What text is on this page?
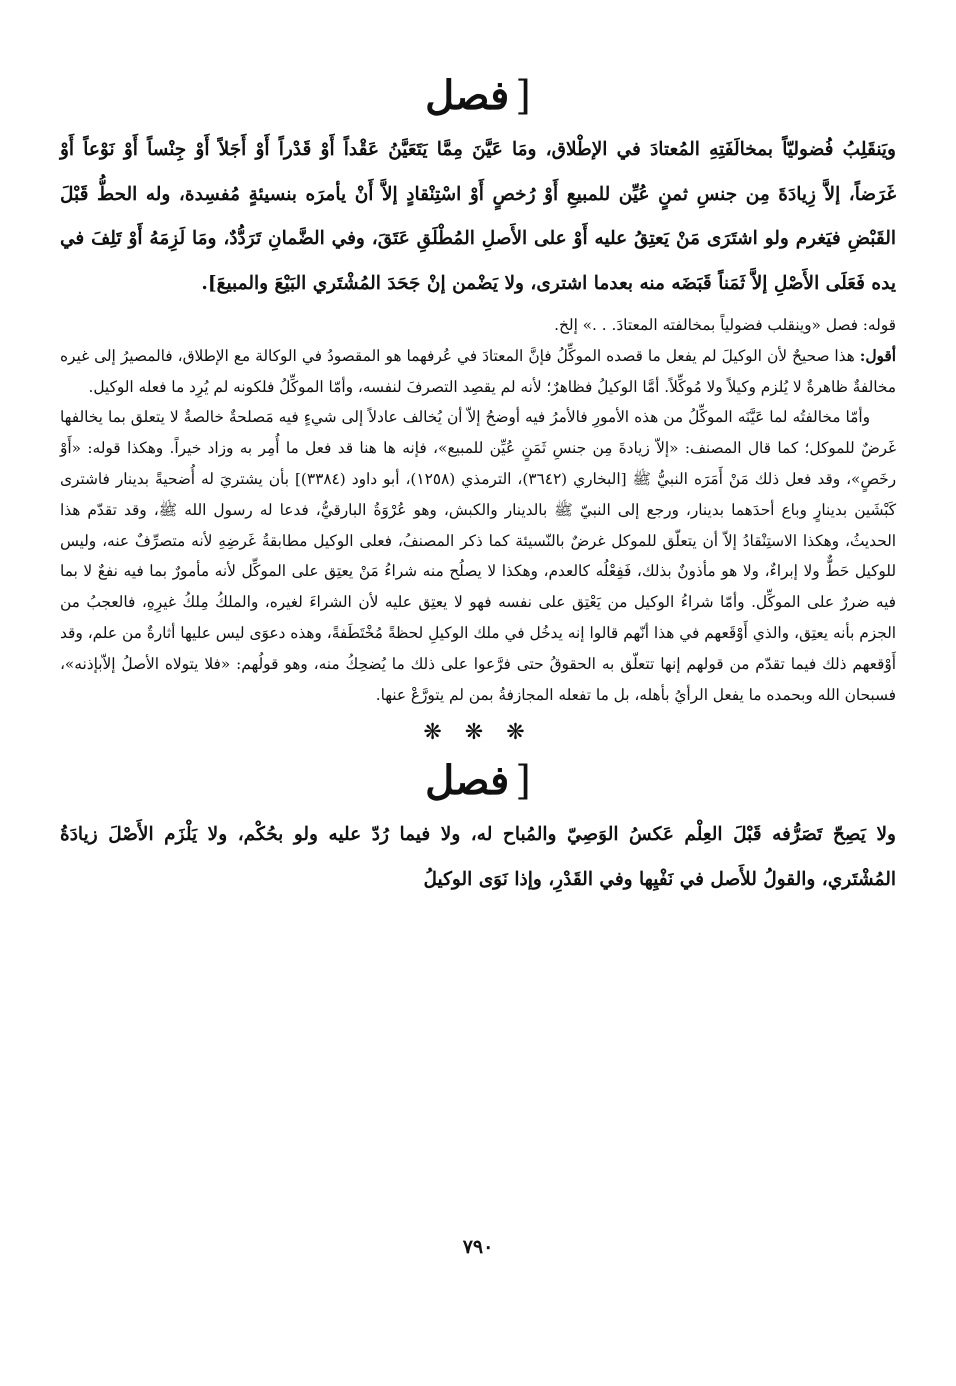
[فصل

ويَنقَلِبُ فُضوليّاً بمخالَفَتِهِ المُعتادَ في الإطْلاق، ومَا عَيَّنَ مِمَّا يَتَعَيَّنُ عَقْداً أَوْ قَدْراً أَوْ أَجَلاً أَوْ جِنْساً أَوْ نَوْعاً أَوْ غَرَضاً، إلاَّ زِيادَةَ مِن جنسِ ثمنٍ عُيِّن للمبيعِ أَوْ رُخصٍ أَوْ اسْتِنْقادٍ إلاَّ أَنْ يأمرَه بنسيئةٍ مُفسِدة، وله الحطُّ قَبْلَ القَبْضِ فيَغرم ولو اشتَرَى مَنْ يَعتِقُ عليه أَوْ على الأَصلِ المُطْلَقِ عَتَقَ، وفي الضَّمانِ تَرَدُّدٌ، ومَا لَزِمَهُ أَوْ تَلِفَ في يده فَعَلَى الأَصْلِ إلاَّ ثَمَناً قَبَضَه منه بعدما اشترى، ولا يَضْمن إنْ جَحَدَ المُشْتَري البَيْعَ والمبيعَ].

قوله: فصل «وينقلب فضولياً بمخالفته المعتادَ. . .» إلخ.

أقول: هذا صحيحٌ لأن الوكيلَ لم يفعل ما قصده الموكِّلُ فإنَّ المعتادَ في عُرفهما هو المقصودُ في الوكالة مع الإطلاق، فالمصيرُ إلى غيره مخالفةٌ ظاهرةٌ لا يُلزم وكيلاً ولا مُوكِّلاً. أمَّا الوكيلُ فظاهرٌ؛ لأنه لم يقصِد التصرفَ لنفسه، وأمّا الموكِّلُ فلكونه لم يُرِد ما فعله الوكيل.

وأمّا مخالفتُه لما عَيَّنَه الموكِّلُ من هذه الأمورِ فالأمرُ فيه أوضحُ إلاّ أن يُخالف عادلاً إلى شيءٍ فيه مَصلحةٌ خالصةٌ لا يتعلق بما يخالفها غَرضٌ للموكل؛ كما قال المصنف: «إلاّ زيادةَ مِن جنسِ ثَمَنٍ عُيِّن للمبيع»، فإنه ها هنا قد فعل ما أُمِر به وزاد خيراً. وهكذا قوله: «أَوْ رخَصٍ»، وقد فعل ذلك مَنْ أَمَرَه النبيُّ ﷺ [البخاري (٣٦٤٢)، الترمذي (١٢٥٨)، أبو داود (٣٣٨٤)] بأن يشتريَ له أُضحيةً بدينار فاشترى كَبْشَين بدينارٍ وباع أحدَهما بدينار، ورجع إلى النبيّ ﷺ بالدينار والكبش، وهو عُرْوَةُ البارقيُّ، فدعا له رسول الله ﷺ، وقد تقدّم هذا الحديثُ، وهكذا الاستِنْقادُ إلاّ أن يتعلّق للموكل غرضٌ بالنّسيئة كما ذكر المصنفُ، فعلى الوكيل مطابقةُ غَرضِهِ لأنه متصرِّفٌ عنه، وليس للوكيل حَطٌّ ولا إبراءٌ، ولا هو مأذونٌ بذلك، فَفِعْلُه كالعدم، وهكذا لا يصلُح منه شراءُ مَنْ يعتِق على الموكِّل لأنه مأمورٌ بما فيه نفعٌ لا بما فيه ضررٌ على الموكِّل. وأمّا شراءُ الوكيل من يَعْتِق على نفسه فهو لا يعتِق عليه لأن الشراءَ لغيره، والملكُ مِلكُ غيرِهِ، فالعجبُ من الجزم بأنه يعتِق، والذي أَوْقَعهم في هذا أنّهم قالوا إنه يدخُل في ملك الوكيلِ لحظةً مُخْتَطَفةً، وهذه دعوَى ليس عليها أثارةٌ من علم، وقد أَوْقعهم ذلك فيما تقدّم من قولهم إنها تتعلّق به الحقوقُ حتى فرَّعوا على ذلك ما يُضحِكُ منه، وهو قولُهم: «فلا يتولاه الأصلُ إلاّبإذنه»، فسبحان الله وبحمده ما يفعل الرأيُ بأهله، بل ما تفعله المجازفةُ بمن لم يتورَّعْ عنها.

❋ ❋ ❋
[فصل

ولا يَصِحّ تَصَرُّفه قَبْلَ العِلْم عَكسُ الوَصِيّ والمُباح له، ولا فيما رُدّ عليه ولو بحُكْم، ولا يَلْزَم الأَصْلَ زيادَةُ المُشْتَري، والقولُ للأَصل في نَفْيِها وفي القَدْرِ، وإذا نَوَى الوكيلُ

٧٩٠
